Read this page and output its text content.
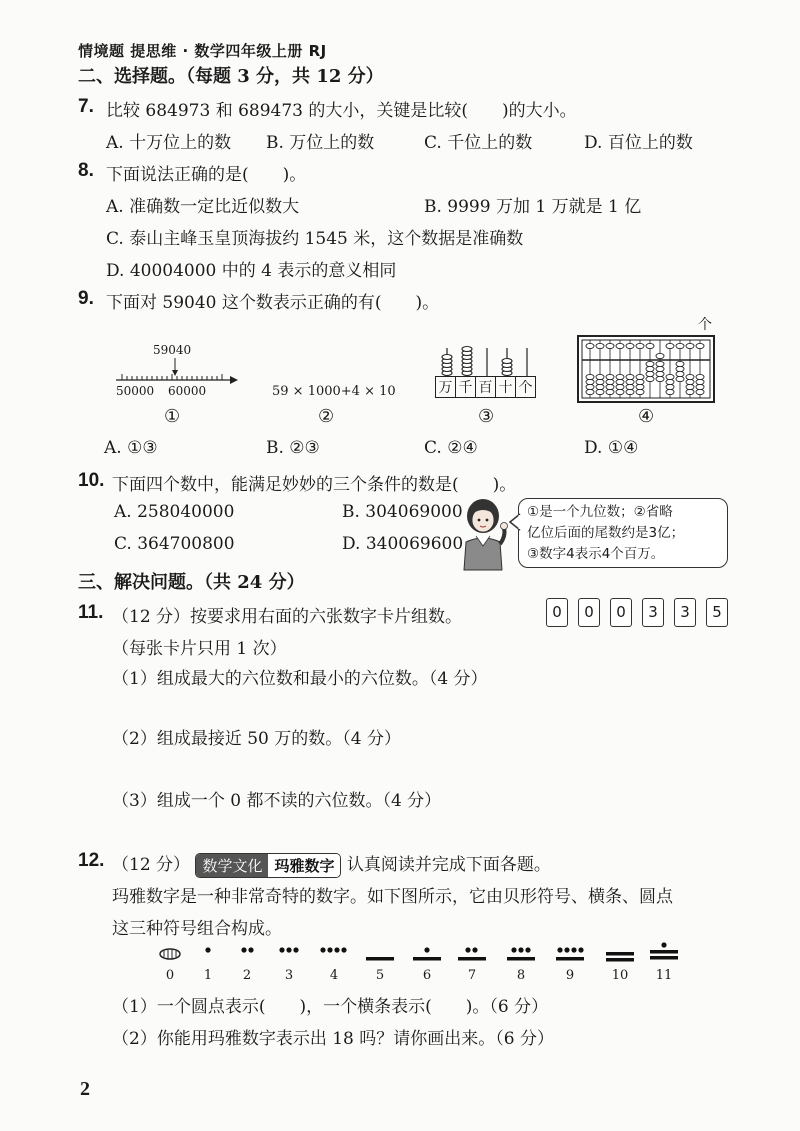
情境题 提思维 · 数学四年级上册 RJ
二、选择题。（每题 3 分，共 12 分）
7. 比较 684973 和 689473 的大小，关键是比较(　　)的大小。
A. 十万位上的数 B. 万位上的数	C. 千位上的数	D. 百位上的数
8. 下面说法正确的是(　　)。
A. 准确数一定比近似数大	B. 9999 万加 1 万就是 1 亿
C. 泰山主峰玉皇顶海拔约 1545 米，这个数据是准确数
D. 40004000 中的 4 表示的意义相同
9. 下面对 59040 这个数表示正确的有(　　)。
59040
50000 60000
①
59 × 1000+4 × 10
②
万 千 百 十 个
③
个
④
A. ①③	B. ②③	C. ②④	D. ①④
10. 下面四个数中，能满足妙妙的三个条件的数是(　　)。
A. 258040000	B. 304069000
C. 364700800	D. 340069600
①是一个九位数；②省略
亿位后面的尾数约是3亿；
③数字4表示4个百万。
三、解决问题。（共 24 分）
11. （12 分）按要求用右面的六张数字卡片组数。
（每张卡片只用 1 次）
0	0	0	3	3	5
（1）组成最大的六位数和最小的六位数。（4 分）
（2）组成最接近 50 万的数。（4 分）
（3）组成一个 0 都不读的六位数。（4 分）
12. （12 分） 数学文化 玛雅数字 认真阅读并完成下面各题。
玛雅数字是一种非常奇特的数字。如下图所示，它由贝形符号、横条、圆点
这三种符号组合构成。
0	1	2	3	4	5	6	7	8	9	10 11
（1）一个圆点表示(　　)，一个横条表示(　　)。（6 分）
（2）你能用玛雅数字表示出 18 吗？请你画出来。（6 分）
2
